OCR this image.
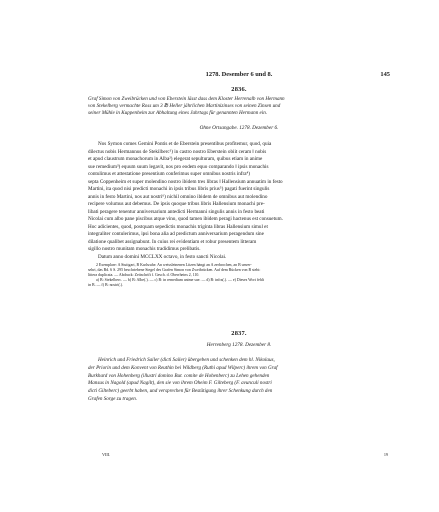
1278. Desember 6 und 8.	145
2836.
Graf Simon von Zweibrücken und von Eberstein lässt dass dem Kloster Herrenalb von Hermann
von Stekelberg vermachte Ross um 3 ℔ Heller jährlichen Martinizinses von seinen Zinsen und
seiner Mühle in Kuppenheim zur Abhaltung eines Jahrtags für genannten Hermann ein.
Ohne Ortsangabe. 1278. Dezember 6.
Nos Symon comes Gemini Pontis et de Eberstein presentibus profitemur, quod, quia
dilectus nobis Hermannus de Stekilberc¹) in castro nostro Eberstein obiit ceram ‖ nobis
et apud claustrum monachorum in Alba²) elegerat sepulturam, quibus etiam in anime
sue remedium³) equum suum legavit, nos pro eodem equo comparando ‖ ipsis monachis
contulimus et attestatione presentium conferimus super omnibus nostris infra⁴)
septa Coppenheim et super molendino nostro ibidem tres libras ‖ Hallensium annuatim in festo
Martini, ita quod nisi predicti monachi in ipsis tribus libris prius⁵) pagati fuerint singulis
annis in festo Martini, nos aut nostri⁶) nichil omnino ibidem de omnibus aut molendino
recipere volumus aut debemus. De ipsis quoque tribus libris Hallensium monachi pre-
libati peragere tenentur anniversarium antedicti Hermanni singulis annis in festo beati
Nicolai cum albo pane piscibus atque vino, quod tamen ibidem peragi hactenus est consuetum.
Hoc adicientes, quod, postquam sepedictis monachis triginta libras Hallensium simul et
integraliter contulerimus, ipsi bona alia ad predictum anniversarium peragendum sine
dilatione qualibet assignabunt. In cuius rei evidentiam et robur presentem litteram
sigillo nostro munitam monachis tradidimus prelibatis.
Datum anno domini MCCLXX octavo, in festo sancti Nicolai.
2 Exemplare: A Stuttgart, B Karlsruhe. An weissleinenen Litzen hängt an A zerbrochen, an B unver-
sehrt, das Bd. 6 S. 295 beschriebene Siegel des Grafen Simon von Zweibrücken. Auf dem Rücken von B steht:
littera duplicata. — Abdruck: Zeitschrift f. Gesch. d. Oberrheins 2, 110.
a) B: Stekelberc. — b) B: Albe(.). — c) B: in remedium anime sue. — d) B: infra(.). — e) Dieses Wort fehlt
in B. — f) B: nostri(.).
2837.
Herrenberg 1278. Dezember 8.
Heinrich und Friedrich Sailer (dicti Sailer) übergeben und schenken dem hl. Nikolaus,
der Priorin und dem Konvent von Reuthin bei Wildberg (Ruthi apud Wilperc) ihrem von Graf
Burkhard von Hohenberg (illustri domino Bur. comite de Hohenberc) zu Lehen gehenden
Mansus in Nagold (apud Nagilt), den sie von ihrem Oheim F. Gilteberg (F. avunculi nostri
dicti Gilteberc) geerbt haben, und versprechen für Bestätigung ihrer Schenkung durch den
Grafen Sorge zu tragen.
VIII.	19
